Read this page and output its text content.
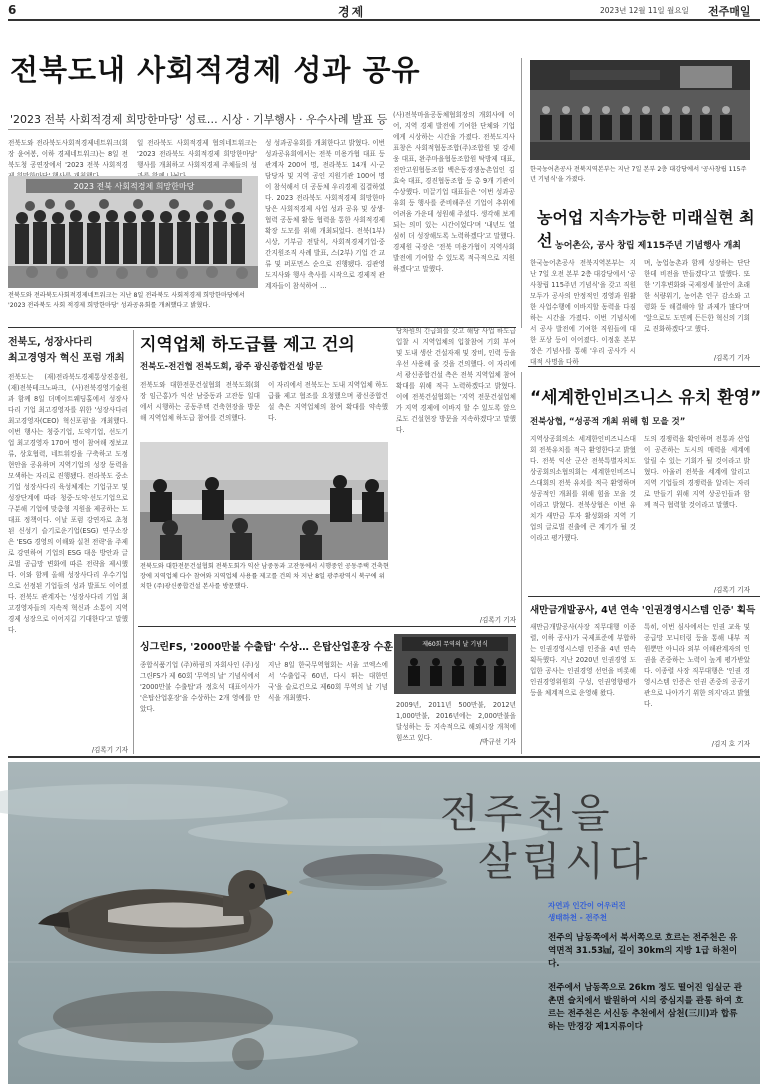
6	경제	2023년 12월 11일 월요일 전주매일
전북도내 사회적경제 성과 공유
'2023 전북 사회적경제 희망한마당' 성료… 시상 · 기부행사 · 우수사례 발표 등
전북도와 전라북도사회적경제네트워크(회장 윤여봉, 이하 경제네트워크)는 8일 전북도청 공연장에서 '2023 전북 사회적경
일 전라북도 사회적경제 협의네트워크는 '2023 전라북도 사회적경제 희망한마당' 행사를 개최하고 사회적경제 주체들의 성
성 성과공유회를 개최한다고 밝혔다. 이번 성과공유회에서는 전북 미용가협 대표 등 관계자 200여 명, 전라북도 14개 시·군 담당자 및 지역 공인 지원기관 100여 명이 참석해서 더 공동체 우리경제 집결하였다. 2023 전라북도 사회적경제 희망한마당은 사회적경제 사업 성과 공유 및 상생·협력 공동체 활동 협력을 통한 사회적경제 확장 도모를 위해 개최되었다. 전북(1부) 시상, 기부금 전달식, 사회적경제기업·중간지원조직 사례 발표, 스(2부) 기업 간 교류 및 퍼포먼스 순으로 진행됐다. 김관영 도지사와 행사 축사를 시작으로 경제적 관계자들이 참석하여 ...
(사)전북마을공동체협회장의 개회사에 이어, 지역 경제 발전에 기여한 단체와 기업에게 시상하는 시간을 가졌다. 전북도지사표창은 사회적협동조합(주)조합원 및 강세웅 대표, 완주마을협동조합원 탁방제 대표, 진안고원협동조합 백은동경쟁농촌업인 김효숙 대표, 경진협동조합 등 총 9개 기관이 수상했다. 미끌기업 대표들은 '이번 성과공유회 등 행사를 준비해주신 기업이 추위에 어려움 가운데 성원해 주셨다. 생각해 보게 되는 의미 있는 시간이었다'며 '내년도 열심히 더 성장해도록 노력하겠다'고 말했다. 경제원 국장은 '전북 미용가협이 지역사회 발전에 기여할 수 있도록 적극적으로 지원하겠다'고 말했다.
2023 전북 사회적경제 희망한마당
전북도와 전라북도사회적경제네트워크는 지난 8일 전라북도 사회적경제 희망한마당에서 '2023 전라북도 사회 적경제 희망한마당' 성과공유회를 개최했다고 밝혔다.
한국농어촌공사 전북지역본부는 지난 7일 본부 2층 대강당에서 '공사창립 115주년 기념식'을 가졌다.
농어업 지속가능한 미래실현 최선 농어촌公, 공사 창립 제115주년 기념행사 개최
한국농어촌공사 전북지역본부는 지난 7일 오전 본부 2층 대강당에서 '공사창립 115주년 기념식'을 갖고 직원 모두가 공사의 안정적인 경영과 원활한 사업수행에 이바지할 동력을 다짐하는 시간을 가졌다. 이번 기념식에서 공사 발전에 기여한 직원들에 대한 포상 등이 이어졌다. 이정훈 본부장은 기념사를 통해 '우리 공사가 시대적 사명을 다하
며, 농업농촌과 함께 성장하는 단단한데 비전을 만들겠다'고 말했다. 또한 '기후변화와 국제정세 불안이 초래한 식량위기, 농어촌 인구 감소와 고령화 등 해결해야 할 과제가 많다'며 '앞으로도 도민께 든든한 혁신의 기회로 진화하겠다'고 했다.
/김록기 기자
전북도, 성장사다리
최고경영자 혁신 포럼 개최
전북도는 (재)전라북도경제통상진흥원, (재)전북테크노파크, (사)전북경영기술원과 함께 8일 더메이트웨딩홀에서 성장사다리 기업 최고경영자를 위한 '성장사다리 최고경영자(CEO) 혁신포럼'을 개최했다. 이번 행사는 청중기업, 도약기업, 선도기업 최고경영자 170여 명이 참여해 정보교류, 상호협력, 네트워킹을 구축하고 도정 현안을 공유하며 지역기업의 성장 동력을 모색하는 자리로 진행됐다. 전라북도 중소기업 성장사다리 육성체계는 기업규모 및 성장단계에 따라 청중·도약·선도기업으로 구분해 기업에 맞춤형 지원을 제공하는 도 대표 정책이다. 이날 포럼 강연자로 초청된 신성기 슬기로운기업(ESG) 연구소장은 'ESG 경영의 이해와 실천 전략'을 주제로 강연하여 기업의 ESG 대응 방안과 글로벌 공급망 변화에 따른 전략을 제시했다. 이와 함께 올해 성장사다리 우수기업으로 선정된 기업들의 성과 발표도 이어졌다. 전북도 관계자는 '성장사다리 기업 최고경영자들의 지속적 혁신과 소통이 지역경제 성장으로 이어지길 기대한다'고 말했다.
/김록기 기자
지역업체 하도급률 제고 건의
전북도-전건협 전북도회, 광주 광신종합건설 방문
전북도와 대한전문건설협회 전북도회(회장 임근홍)가 익산 남중동과 고잔동 일대에서 시행하는 공동주택 건축현장을 방문해 지역업체 하도급 참여를 건의했다.
이 자리에서 전북도는 도내 지역업체 하도급률 제고 협조를 요청했으며 광신종합건설 측은 지역업체의 참여 확대를 약속했다.
당차원의 긴급회를 갖고 해당 사업 하도급 입찰 시 지역업체의 입찰참여 기회 부여 및 도내 생산 건설자재 및 장비, 인력 등을 우선 사용해 줄 것을 건의했다. 이 자리에서 광신종합건설 측은 전북 지역업체 참여 확대를 위해 적극 노력하겠다고 밝혔다. 이에 전북건설협회는 '지역 전문건설업체가 지역 경제에 이바지 할 수 있도록 앞으로도 건설현장 방문을 지속하겠다'고 말했다.
전북도와 대한전문건설협회 전북도회가 익산 남중동과 고잔동에서 시행중인 공동주택 건축현장에 지역업체 다수 참여와 지역업체 사용률 제고를 건의 차 지난 8일 광주광역시 북구에 위치한 (주)광신종합건설 본사를 방문했다.
/김록기 기자
싱그린FS, '2000만불 수출탑' 수상… 은탑산업훈장 수훈
종합식품기업 (주)하림의 자회사인 (주)싱그린FS가 제 60회 '무역의 날' 기념식에서 '2000만불 수출탑'과 정호석 대표이사가 '은탑산업훈장'을 수상하는 2개 영예를 안았다.
지난 8일 한국무역협회는 서울 코엑스에서 '수출입국 60년, 다시 뛰는 대한민국'을 슬로건으로 제60회 무역의 날 기념식을 개최했다.
제60회 무역의 날 기념식
2009년, 2011년 500만불, 2012년 1,000만불, 2016년에는 2,000만불을 달성하는 등 지속적으로 해외시장 개척에 힘쓰고 있다.	/박규선 기자
“세계한인비즈니스 유치 환영”
전북상협, “성공적 개최 위해 힘 모을 것”
지역상공회의소 세계한인비즈니스대회 전북유치를 적극 환영한다고 밝혔다. 전북 익산 군산 전북특별자치도상공회의소협의회는 세계한인비즈니스대회의 전북 유치를 적극 환영하며 성공적인 개최를 위해 힘을 모을 것이라고 밝혔다. 전북상협은 이번 유치가 새만금 투자 활성화와 지역 기업의 글로벌 진출에 큰 계기가 될 것이라고 평가했다.
도의 경쟁력을 확인하며 전통과 산업이 공존하는 도시의 매력을 세계에 알릴 수 있는 기회가 될 것이라고 밝혔다. 아울러 전북을 세계에 알리고 지역 기업들의 경쟁력을 알리는 자리로 만들기 위해 지역 상공인들과 함께 적극 협력할 것이라고 말했다.
/김록기 기자
새만금개발공사, 4년 연속 '인권경영시스템 인증' 획득
새만금개발공사(사장 직무대행 이종렬, 이하 공사)가 국제표준에 부합하는 인권경영시스템 인증을 4년 연속 획득했다. 지난 2020년 인권경영 도입한 공사는 인권경영 선언을 비롯해 인권경영위원회 구성, 인권영향평가 등을 체계적으로 운영해 왔다.
특히, 이번 심사에서는 인권 교육 및 공급망 모니터링 등을 통해 내부 직원뿐만 아니라 외부 이해관계자의 인권을 존중하는 노력이 높게 평가받았다. 이종렬 사장 직무대행은 '인권 경영시스템 인증은 인권 존중의 공공기관으로 나아가기 위한 의지'라고 밝혔다.
/김지 호 기자
전주천을
살립시다
자연과 인간이 어우러진
생태하천 - 전주천
전주의 남동쪽에서 북서쪽으로 흐르는 전주천은 유역면적 31.53㎢, 길이 30km의 지방 1급 하천이다.
전주에서 남동쪽으로 26km 정도 떨어진 임실군 관촌면 슬치에서 발원하여 시의 중심지를 관통 하여 흐르는 전주천은 서신동 추천에서 삼천(三川)과 합류하는 만경강 제1지류이다
